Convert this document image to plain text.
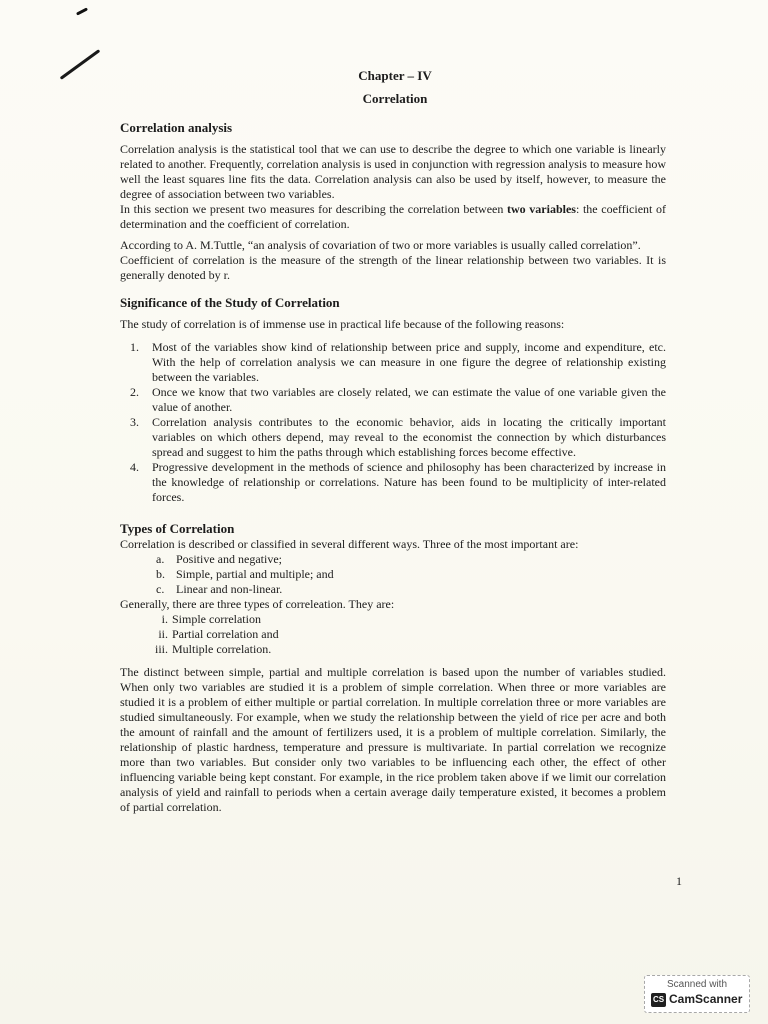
Chapter – IV
Correlation

Correlation analysis

Correlation analysis is the statistical tool that we can use to describe the degree to which one variable is linearly related to another. Frequently, correlation analysis is used in conjunction with regression analysis to measure how well the least squares line fits the data. Correlation analysis can also be used by itself, however, to measure the degree of association between two variables.

In this section we present two measures for describing the correlation between two variables: the coefficient of determination and the coefficient of correlation.

According to A. M.Tuttle, “an analysis of covariation of two or more variables is usually called correlation”.

Coefficient of correlation is the measure of the strength of the linear relationship between two variables. It is generally denoted by r.

Significance of the Study of Correlation

The study of correlation is of immense use in practical life because of the following reasons:

1. Most of the variables show kind of relationship between price and supply, income and expenditure, etc. With the help of correlation analysis we can measure in one figure the degree of relationship existing between the variables.
2. Once we know that two variables are closely related, we can estimate the value of one variable given the value of another.
3. Correlation analysis contributes to the economic behavior, aids in locating the critically important variables on which others depend, may reveal to the economist the connection by which disturbances spread and suggest to him the paths through which establishing forces become effective.
4. Progressive development in the methods of science and philosophy has been characterized by increase in the knowledge of relationship or correlations. Nature has been found to be multiplicity of inter-related forces.

Types of Correlation

Correlation is described or classified in several different ways. Three of the most important are:

a. Positive and negative;
b. Simple, partial and multiple; and
c. Linear and non-linear.

Generally, there are three types of correleation. They are:

i. Simple correlation
ii. Partial correlation and
iii. Multiple correlation.

The distinct between simple, partial and multiple correlation is based upon the number of variables studied. When only two variables are studied it is a problem of simple correlation. When three or more variables are studied it is a problem of either multiple or partial correlation. In multiple correlation three or more variables are studied simultaneously. For example, when we study the relationship between the yield of rice per acre and both the amount of rainfall and the amount of fertilizers used, it is a problem of multiple correlation. Similarly, the relationship of plastic hardness, temperature and pressure is multivariate. In partial correlation we recognize more than two variables. But consider only two variables to be influencing each other, the effect of other influencing variable being kept constant. For example, in the rice problem taken above if we limit our correlation analysis of yield and rainfall to periods when a certain average daily temperature existed, it becomes a problem of partial correlation.

1
Scanned with
CS CamScanner
